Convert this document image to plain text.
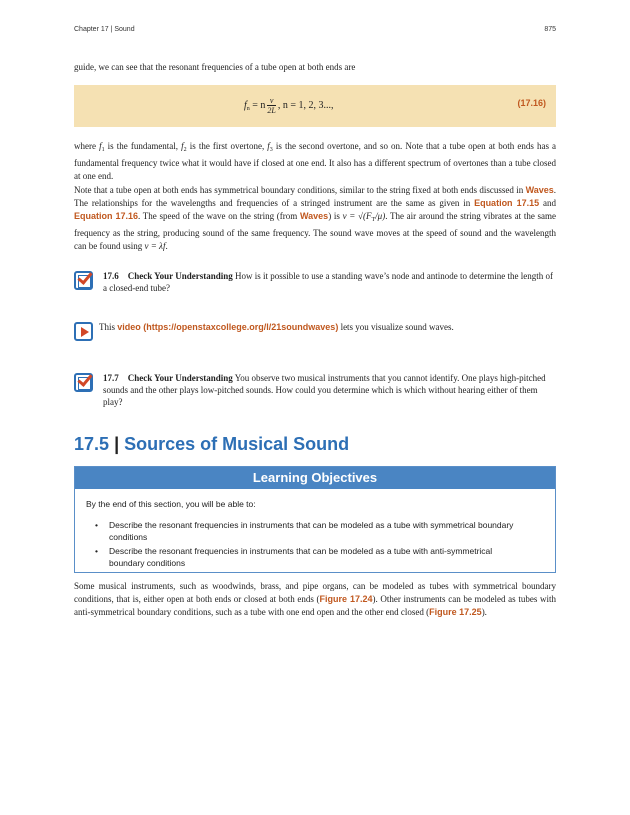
Chapter 17 | Sound	875
guide, we can see that the resonant frequencies of a tube open at both ends are
$f_n = n \frac{v}{2L}$ , n = 1, 2, 3...,	(17.16)
where $f_1$ is the fundamental, $f_2$ is the first overtone, $f_3$ is the second overtone, and so on. Note that a tube open at both ends has a fundamental frequency twice what it would have if closed at one end. It also has a different spectrum of overtones than a tube closed at one end.
Note that a tube open at both ends has symmetrical boundary conditions, similar to the string fixed at both ends discussed in Waves. The relationships for the wavelengths and frequencies of a stringed instrument are the same as given in Equation 17.15 and Equation 17.16. The speed of the wave on the string (from Waves) is $v = √(F_T/\mu)$. The air around the string vibrates at the same frequency as the string, producing sound of the same frequency. The sound wave moves at the speed of sound and the wavelength can be found using v = λf.
17.6 Check Your Understanding How is it possible to use a standing wave’s node and antinode to determine the length of a closed-end tube?
This video (https://openstaxcollege.org/l/21soundwaves) lets you visualize sound waves.
17.7 Check Your Understanding You observe two musical instruments that you cannot identify. One plays high-pitched sounds and the other plays low-pitched sounds. How could you determine which is which without hearing either of them play?
17.5 | Sources of Musical Sound
Learning Objectives
By the end of this section, you will be able to:
• Describe the resonant frequencies in instruments that can be modeled as a tube with symmetrical boundary conditions
• Describe the resonant frequencies in instruments that can be modeled as a tube with anti-symmetrical boundary conditions
Some musical instruments, such as woodwinds, brass, and pipe organs, can be modeled as tubes with symmetrical boundary conditions, that is, either open at both ends or closed at both ends (Figure 17.24). Other instruments can be modeled as tubes with anti-symmetrical boundary conditions, such as a tube with one end open and the other end closed (Figure 17.25).
